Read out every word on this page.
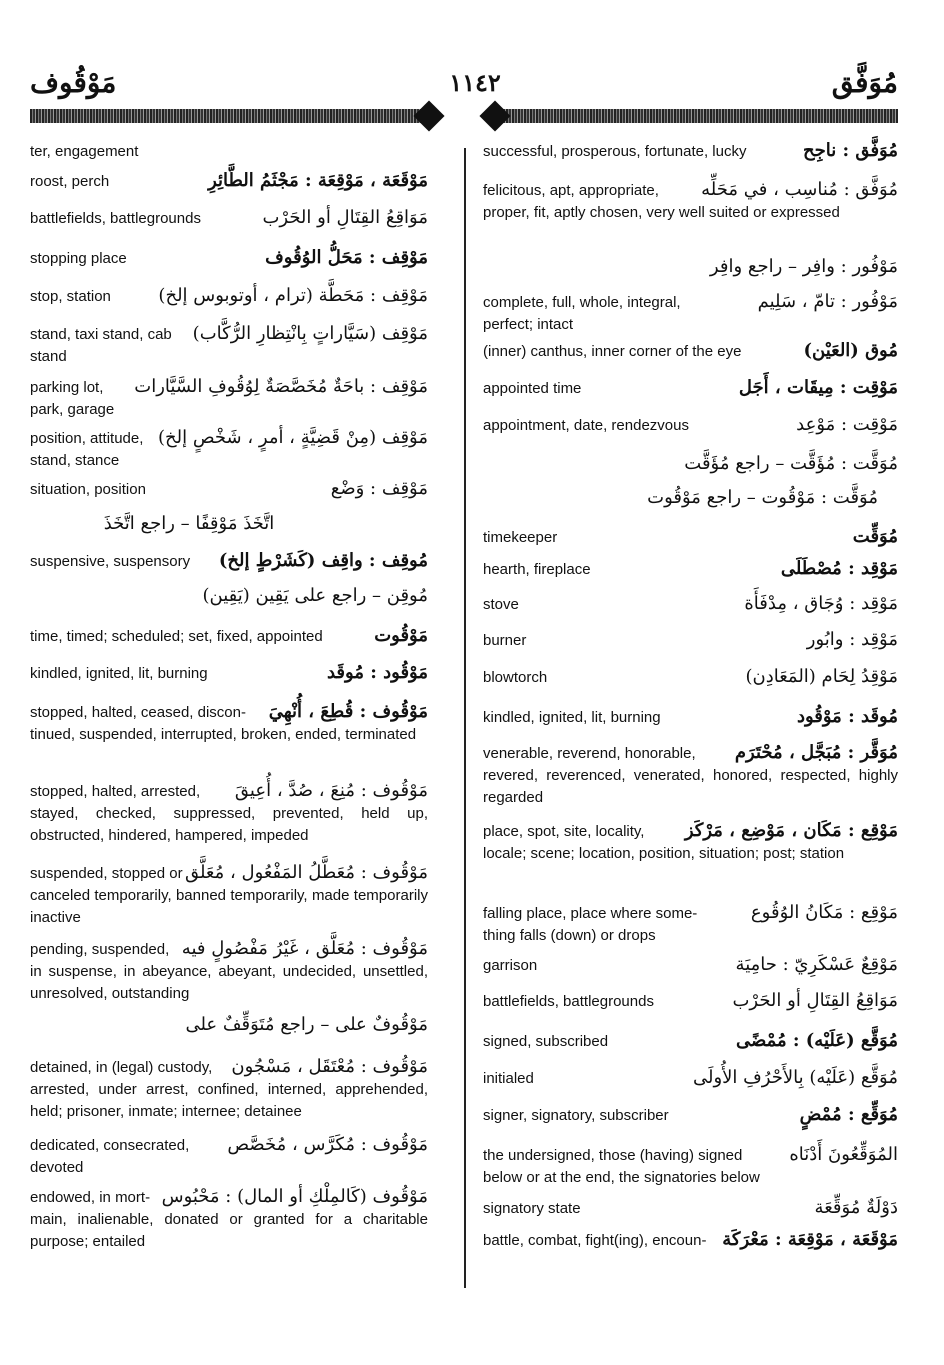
مَوْقُوف	١١٤٢	مُوَفَّق
ter, engagement
roost, perch	مَوْقَعَة ، مَوْقِعَة : مَجْثَمُ الطَّائِرِ
battlefields, battlegrounds	مَوَاقِعُ القِتَالِ أو الحَرْب
stopping place	مَوْقِف : مَحَلُّ الوُقُوف
stop, station	مَوْقِف : مَحَطَّة (ترام ، أوتوبوس إلخ)
stand, taxi stand, cab مَوْقِف (سَيَّاراتٍ بِانْتِظارِ الرُّكَّاب)
stand
parking lot, مَوْقِف : باحَةٌ مُخَصَّصَةٌ لِوُقُوفِ السَّيَّارات
park, garage
position, attitude, مَوْقِف (مِنْ قَضِيَّةٍ ، أمرٍ ، شَخْصٍ إلخ)
stand, stance
situation, position	مَوْقِف : وَضْع
اتَّخَذَ مَوْقِفًا – راجع اتَّخَذَ
suspensive, suspensory مُوقِف : واقِف (كَشَرْطٍ إلخ)
مُوقِن – راجع على يَقِين (يَقِين)
time, timed; scheduled; set, fixed, appointed	مَوْقُوت
kindled, ignited, lit, burning	مَوْقُود : مُوقَد
stopped, halted, ceased, discon- مَوْقُوف : قُطِعَ ، أُنْهِيَ
tinued, suspended, interrupted, broken, ended, terminated
stopped, halted, arrested, مَوْقُوف : مُنِعَ ، صُدَّ ، أُعِيقَ
stayed, checked, suppressed, prevented, held up, obstructed, hindered, hampered, impeded
suspended, stopped or مَوْقُوف : مُعَطَّلُ المَفْعُول ، مُعَلَّق
canceled temporarily, banned temporarily, made temporarily inactive
pending, suspended, مَوْقُوف : مُعَلَّق ، غَيْرُ مَفْصُولٍ فيه
in suspense, in abeyance, abeyant, undecided, unsettled, unresolved, outstanding
مَوْقُوفٌ على – راجع مُتَوَقِّفٌ على
detained, in (legal) custody, مَوْقُوف : مُعْتَقَل ، مَسْجُون
arrested, under arrest, confined, interned, apprehended, held; prisoner, inmate; internee; detainee
dedicated, consecrated, مَوْقُوف : مُكَرَّس ، مُخَصَّص
devoted
endowed, in mort- مَوْقُوف (كَالمِلْكِ أو المال) : مَحْبُوس
main, inalienable, donated or granted for a charitable purpose; entailed
successful, prosperous, fortunate, lucky	مُوَفَّق : ناجِح
felicitous, apt, appropriate, مُوَفَّق : مُناسِب ، في مَحَلِّه
proper, fit, aptly chosen, very well suited or expressed
مَوْفُور : وافِر – راجع وافِر
complete, full, whole, integral,	مَوْفُور : تامّ ، سَلِيم
perfect; intact
(inner) canthus, inner corner of the eye	مُوق (العَيْن)
appointed time	مَوْقِت : مِيقَات ، أَجَل
appointment, date, rendezvous	مَوْقِت : مَوْعِد
مُوَقَّت : مُؤَقَّت – راجع مُؤَقَّت
مُوَقَّت : مَوْقُوت – راجع مَوْقُوت
timekeeper	مُوَقِّت
hearth, fireplace	مَوْقِد : مُصْطَلَى
stove	مَوْقِد : وُجَاق ، مِدْفَأَة
burner	مَوْقِد : وابُور
blowtorch	مَوْقِدُ لِحَام (المَعَادِن)
kindled, ignited, lit, burning	مُوقَد : مَوْقُود
venerable, reverend, honorable, مُوَقَّر : مُبَجَّل ، مُحْتَرَم
revered, reverenced, venerated, honored, respected, highly regarded
place, spot, site, locality, مَوْقِع : مَكَان ، مَوْضِع ، مَرْكَز
locale; scene; location, position, situation; post; station
falling place, place where some-	مَوْقِع : مَكَانُ الوُقُوع
thing falls (down) or drops
garrison	مَوْقِعٌ عَسْكَرِيّ : حامِيَة
battlefields, battlegrounds	مَوَاقِعُ القِتَالِ أو الحَرْب
signed, subscribed	مُوَقَّع (عَلَيْه) : مُمْضًى
initialed	مُوَقَّع (عَلَيْه) بِالأَحْرُفِ الأُولَى
signer, signatory, subscriber	مُوَقِّع : مُمْضٍ
the undersigned, those (having) signed	المُوَقِّعُونَ أَدْنَاه
below or at the end, the signatories below
signatory state	دَوْلَةٌ مُوَقِّعَة
battle, combat, fight(ing), encoun- مَوْقَعَة ، مَوْقِعَة : مَعْرَكَة
